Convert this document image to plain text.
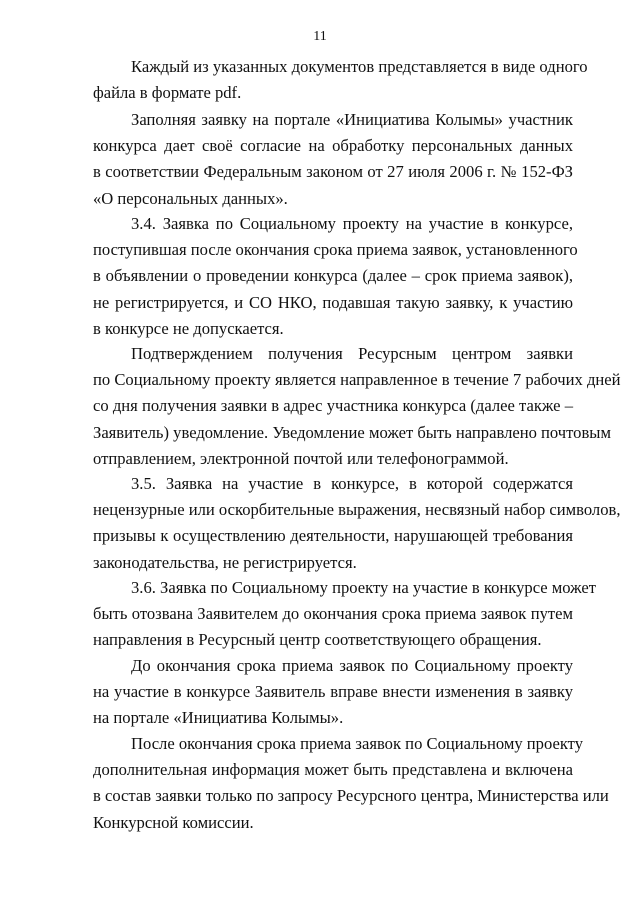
11

Каждый из указанных документов представляется в виде одного
файла в формате pdf.

Заполняя заявку на портале «Инициатива Колымы» участник
конкурса дает своё согласие на обработку персональных данных
в соответствии Федеральным законом от 27 июля 2006 г. № 152-ФЗ
«О персональных данных».

3.4. Заявка по Социальному проекту на участие в конкурсе,
поступившая после окончания срока приема заявок, установленного
в объявлении о проведении конкурса (далее – срок приема заявок),
не регистрируется, и СО НКО, подавшая такую заявку, к участию
в конкурсе не допускается.

Подтверждением получения Ресурсным центром заявки
по Социальному проекту является направленное в течение 7 рабочих дней
со дня получения заявки в адрес участника конкурса (далее также –
Заявитель) уведомление. Уведомление может быть направлено почтовым
отправлением, электронной почтой или телефонограммой.

3.5. Заявка на участие в конкурсе, в которой содержатся
нецензурные или оскорбительные выражения, несвязный набор символов,
призывы к осуществлению деятельности, нарушающей требования
законодательства, не регистрируется.

3.6. Заявка по Социальному проекту на участие в конкурсе может
быть отозвана Заявителем до окончания срока приема заявок путем
направления в Ресурсный центр соответствующего обращения.

До окончания срока приема заявок по Социальному проекту
на участие в конкурсе Заявитель вправе внести изменения в заявку
на портале «Инициатива Колымы».

После окончания срока приема заявок по Социальному проекту
дополнительная информация может быть представлена и включена
в состав заявки только по запросу Ресурсного центра, Министерства или
Конкурсной комиссии.
